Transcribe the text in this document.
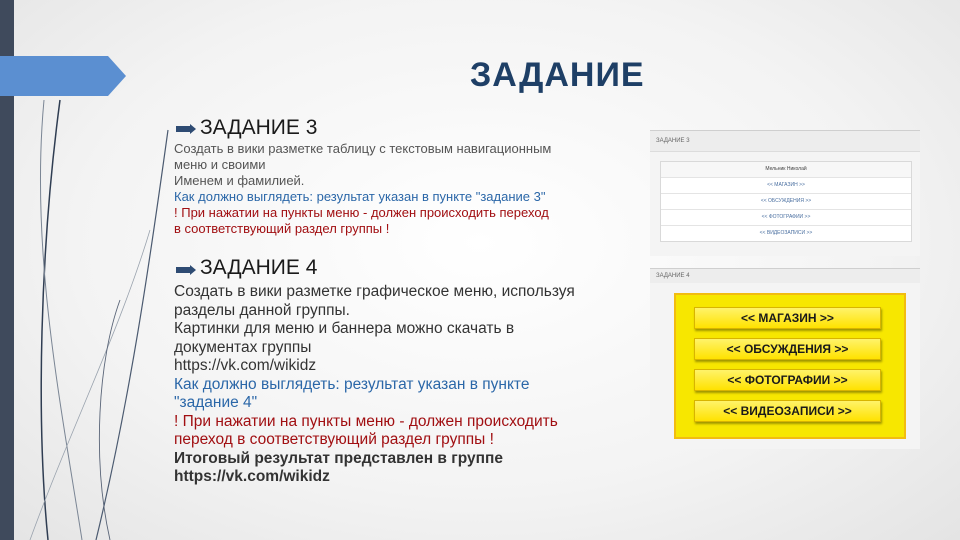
ЗАДАНИЕ
ЗАДАНИЕ 3
Создать в вики разметке таблицу с текстовым навигационным
меню и своими
Именем и фамилией.
Как должно выглядеть: результат указан в пункте "задание 3"
! При нажатии на пункты меню - должен происходить переход
в соответствующий раздел группы !
ЗАДАНИЕ 4
Создать в вики разметке графическое меню, используя
разделы данной группы.
Картинки для меню и баннера можно скачать в
документах группы
https://vk.com/wikidz
Как должно выглядеть: результат указан в пункте
"задание 4"
! При нажатии на пункты меню - должен происходить
переход в соответствующий раздел группы !
Итоговый результат представлен в группе
https://vk.com/wikidz
ЗАДАНИЕ 3
Мельник Николай
<< МАГАЗИН >>
<< ОБСУЖДЕНИЯ >>
<< ФОТОГРАФИИ >>
<< ВИДЕОЗАПИСИ >>
ЗАДАНИЕ 4
<< МАГАЗИН >>
<< ОБСУЖДЕНИЯ >>
<< ФОТОГРАФИИ >>
<< ВИДЕОЗАПИСИ >>
